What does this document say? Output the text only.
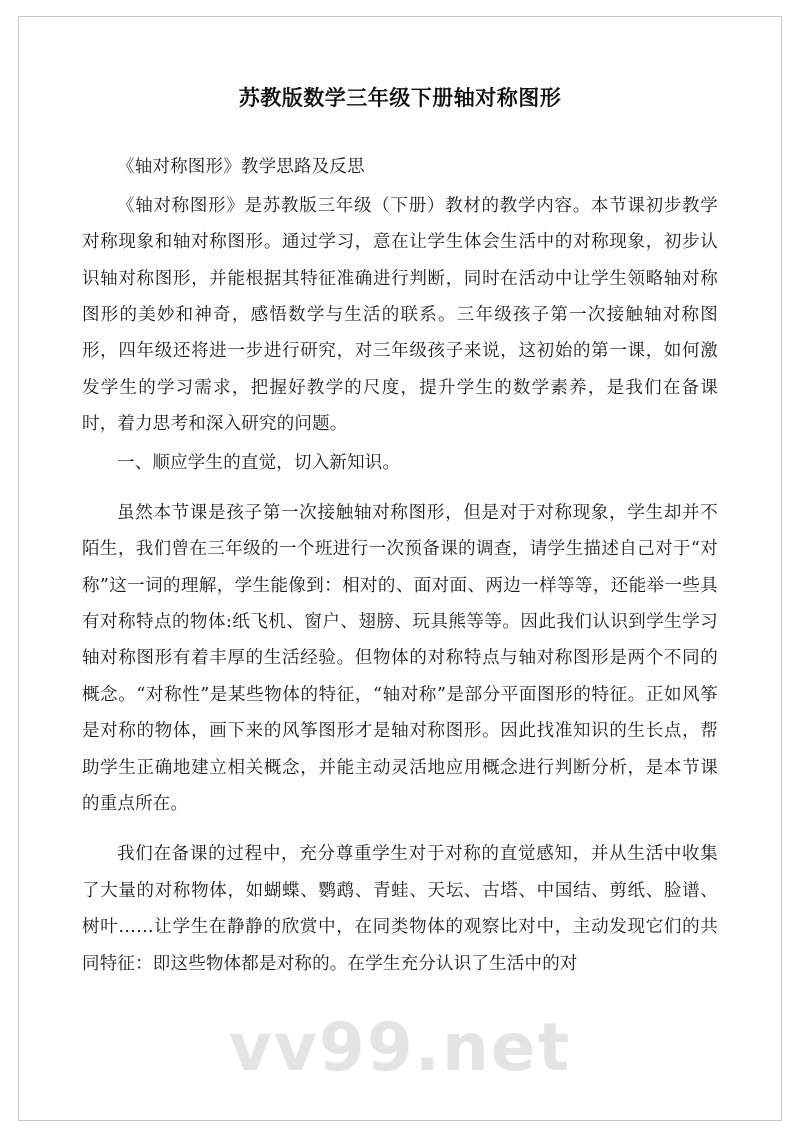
苏教版数学三年级下册轴对称图形

《轴对称图形》教学思路及反思

《轴对称图形》是苏教版三年级（下册）教材的教学内容。本节课初步教学对称现象和轴对称图形。通过学习，意在让学生体会生活中的对称现象，初步认识轴对称图形，并能根据其特征准确进行判断，同时在活动中让学生领略轴对称图形的美妙和神奇，感悟数学与生活的联系。三年级孩子第一次接触轴对称图形，四年级还将进一步进行研究，对三年级孩子来说，这初始的第一课，如何激发学生的学习需求，把握好教学的尺度，提升学生的数学素养，是我们在备课时，着力思考和深入研究的问题。

一、顺应学生的直觉，切入新知识。

虽然本节课是孩子第一次接触轴对称图形，但是对于对称现象，学生却并不陌生，我们曾在三年级的一个班进行一次预备课的调查，请学生描述自己对于“对称”这一词的理解，学生能像到：相对的、面对面、两边一样等等，还能举一些具有对称特点的物体:纸飞机、窗户、翅膀、玩具熊等等。因此我们认识到学生学习轴对称图形有着丰厚的生活经验。但物体的对称特点与轴对称图形是两个不同的概念。“对称性”是某些物体的特征，“轴对称”是部分平面图形的特征。正如风筝是对称的物体，画下来的风筝图形才是轴对称图形。因此找准知识的生长点，帮助学生正确地建立相关概念，并能主动灵活地应用概念进行判断分析，是本节课的重点所在。

我们在备课的过程中，充分尊重学生对于对称的直觉感知，并从生活中收集了大量的对称物体，如蝴蝶、鹦鹉、青蛙、天坛、古塔、中国结、剪纸、脸谱、树叶……让学生在静静的欣赏中，在同类物体的观察比对中，主动发现它们的共同特征：即这些物体都是对称的。在学生充分认识了生活中的对

vv99.net
